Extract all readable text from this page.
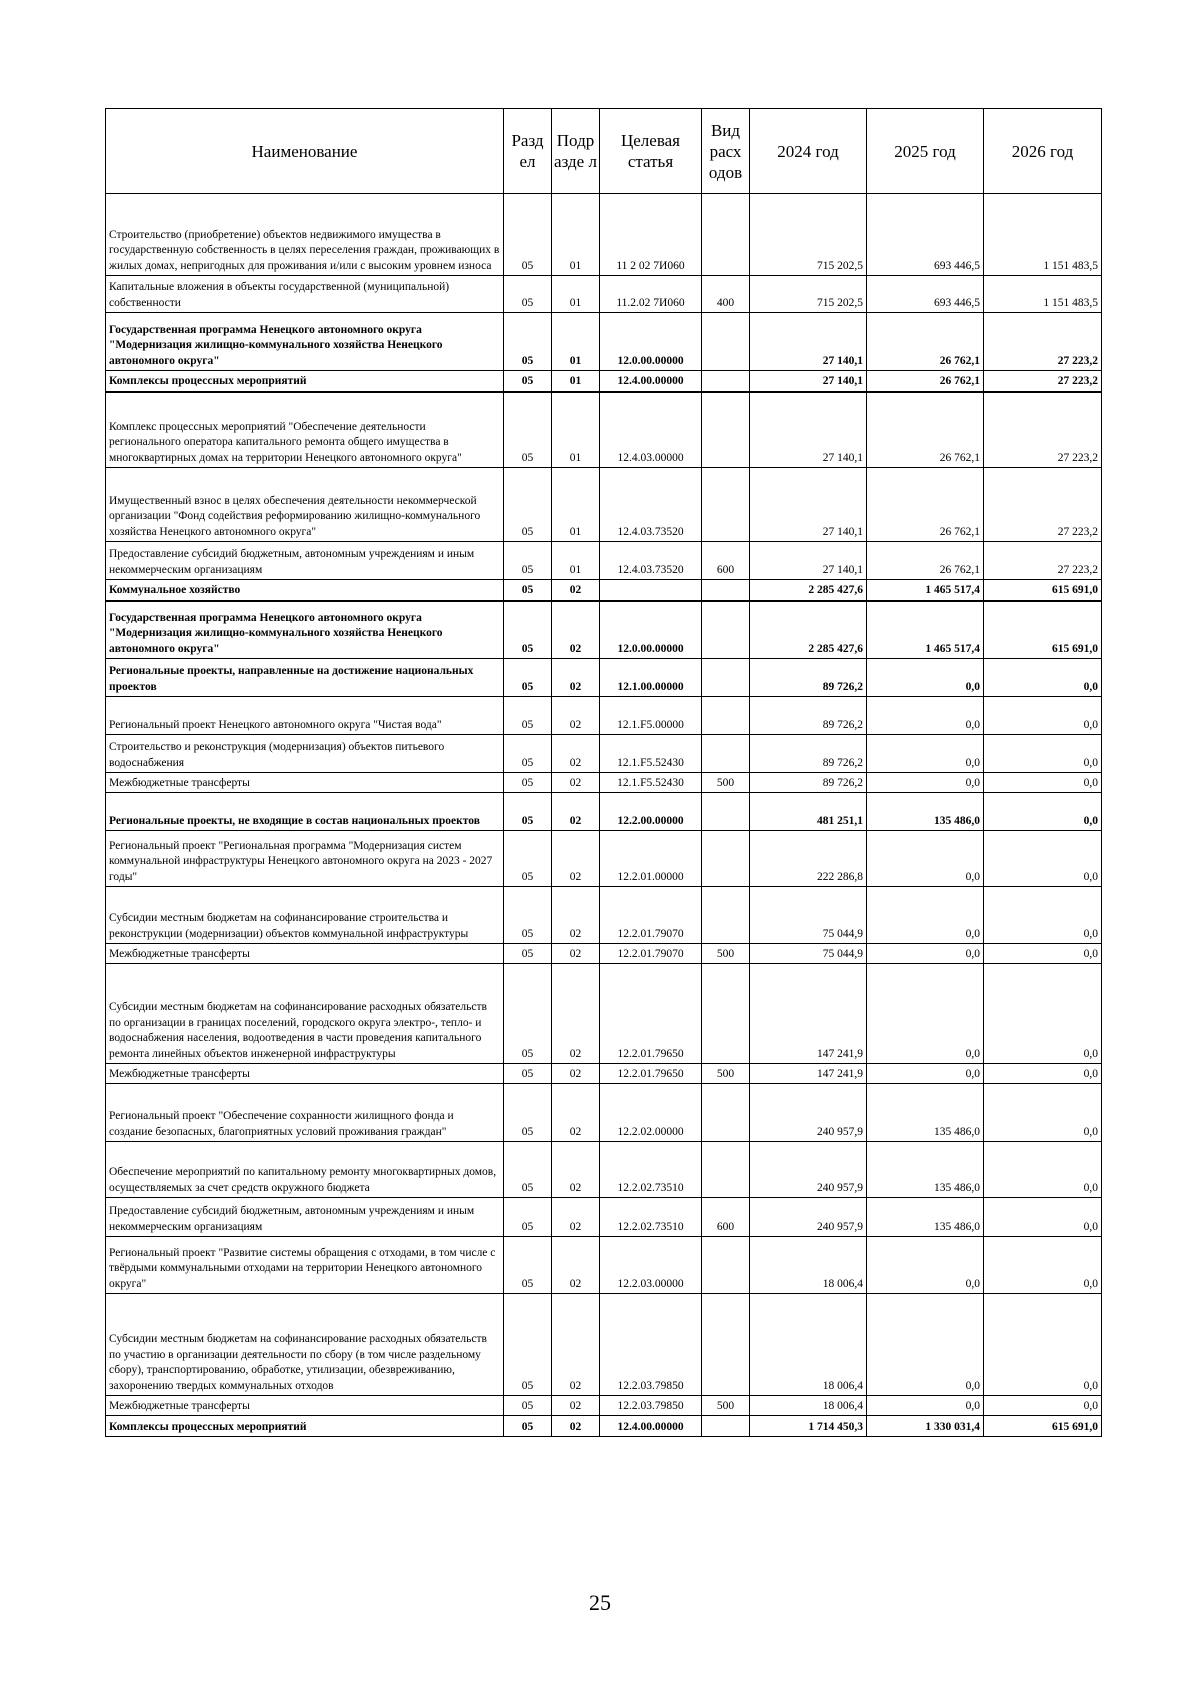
Наименование	Разд ел	Подр азде л	Целевая статья	Вид расх одов	2024 год	2025 год	2026 год
Строительство (приобретение) объектов недвижимого имущества в государственную собственность в целях переселения граждан, проживающих в жилых домах, непригодных для проживания и/или с высоким уровнем износа	05	01	11 2 02 7И060		715 202,5	693 446,5	1 151 483,5
Капитальные вложения в объекты государственной (муниципальной) собственности	05	01	11.2.02 7И060	400	715 202,5	693 446,5	1 151 483,5
Государственная программа Ненецкого автономного округа "Модернизация жилищно-коммунального хозяйства Ненецкого автономного округа"	05	01	12.0.00.00000		27 140,1	26 762,1	27 223,2
Комплексы процессных мероприятий	05	01	12.4.00.00000		27 140,1	26 762,1	27 223,2
Комплекс процессных мероприятий "Обеспечение деятельности регионального оператора капитального ремонта общего имущества в многоквартирных домах на территории Ненецкого автономного округа"	05	01	12.4.03.00000		27 140,1	26 762,1	27 223,2
Имущественный взнос в целях обеспечения деятельности некоммерческой организации "Фонд содействия реформированию жилищно-коммунального хозяйства Ненецкого автономного округа"	05	01	12.4.03.73520		27 140,1	26 762,1	27 223,2
Предоставление субсидий бюджетным, автономным учреждениям и иным некоммерческим организациям	05	01	12.4.03.73520	600	27 140,1	26 762,1	27 223,2
Коммунальное хозяйство	05	02			2 285 427,6	1 465 517,4	615 691,0
Государственная программа Ненецкого автономного округа "Модернизация жилищно-коммунального хозяйства Ненецкого автономного округа"	05	02	12.0.00.00000		2 285 427,6	1 465 517,4	615 691,0
Региональные проекты, направленные на достижение национальных проектов	05	02	12.1.00.00000		89 726,2	0,0	0,0
Региональный проект Ненецкого автономного округа "Чистая вода"	05	02	12.1.F5.00000		89 726,2	0,0	0,0
Строительство и реконструкция (модернизация) объектов питьевого водоснабжения	05	02	12.1.F5.52430		89 726,2	0,0	0,0
Межбюджетные трансферты	05	02	12.1.F5.52430	500	89 726,2	0,0	0,0
Региональные проекты, не входящие в состав национальных проектов	05	02	12.2.00.00000		481 251,1	135 486,0	0,0
Региональный проект "Региональная программа "Модернизация систем коммунальной инфраструктуры Ненецкого автономного округа на 2023 - 2027 годы"	05	02	12.2.01.00000		222 286,8	0,0	0,0
Субсидии местным бюджетам на софинансирование строительства и реконструкции (модернизации) объектов коммунальной инфраструктуры	05	02	12.2.01.79070		75 044,9	0,0	0,0
Межбюджетные трансферты	05	02	12.2.01.79070	500	75 044,9	0,0	0,0
Субсидии местным бюджетам на софинансирование расходных обязательств по организации в границах поселений, городского округа электро-, тепло- и водоснабжения населения, водоотведения в части проведения капитального ремонта линейных объектов инженерной инфраструктуры	05	02	12.2.01.79650		147 241,9	0,0	0,0
Межбюджетные трансферты	05	02	12.2.01.79650	500	147 241,9	0,0	0,0
Региональный проект "Обеспечение сохранности жилищного фонда и создание безопасных, благоприятных условий проживания граждан"	05	02	12.2.02.00000		240 957,9	135 486,0	0,0
Обеспечение мероприятий по капитальному ремонту многоквартирных домов, осуществляемых за счет средств окружного бюджета	05	02	12.2.02.73510		240 957,9	135 486,0	0,0
Предоставление субсидий бюджетным, автономным учреждениям и иным некоммерческим организациям	05	02	12.2.02.73510	600	240 957,9	135 486,0	0,0
Региональный проект "Развитие системы обращения с отходами, в том числе с твёрдыми коммунальными отходами на территории Ненецкого автономного округа"	05	02	12.2.03.00000		18 006,4	0,0	0,0
Субсидии местным бюджетам на софинансирование расходных обязательств по участию в организации деятельности по сбору (в том числе раздельному сбору), транспортированию, обработке, утилизации, обезвреживанию, захоронению твердых коммунальных отходов	05	02	12.2.03.79850		18 006,4	0,0	0,0
Межбюджетные трансферты	05	02	12.2.03.79850	500	18 006,4	0,0	0,0
Комплексы процессных мероприятий	05	02	12.4.00.00000		1 714 450,3	1 330 031,4	615 691,0
25
